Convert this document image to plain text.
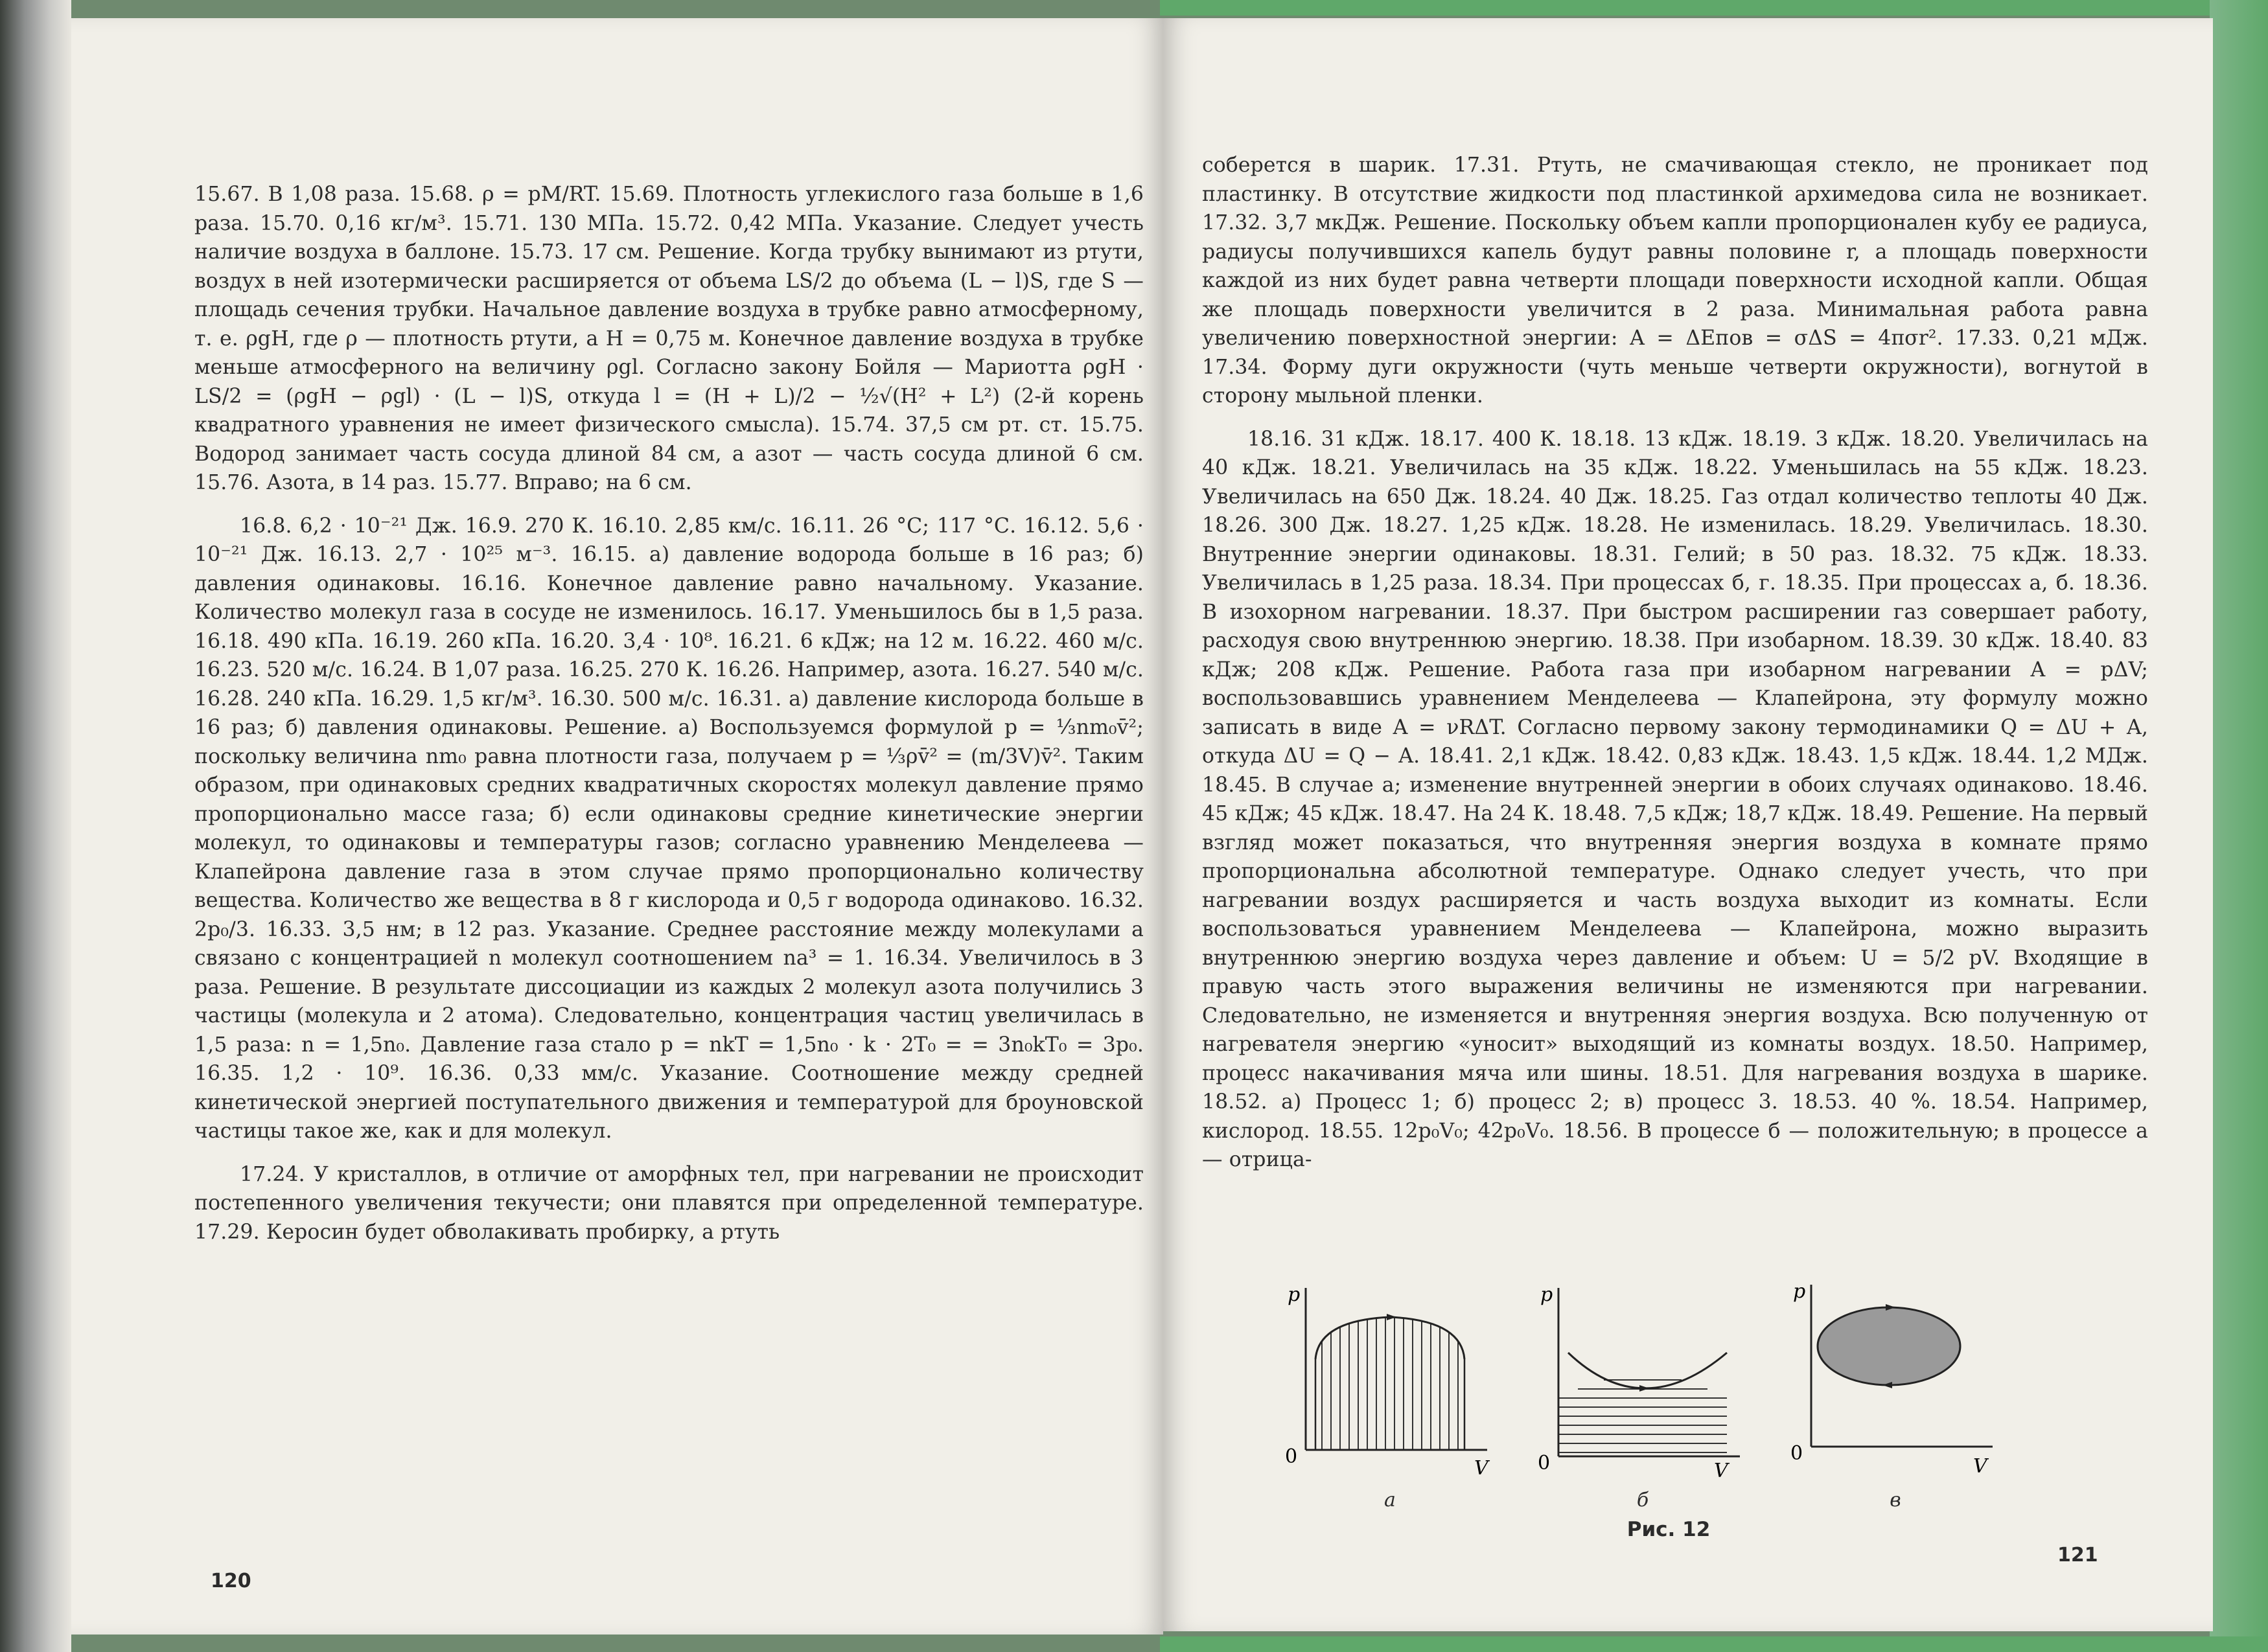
15.67. В 1,08 раза. 15.68. ρ = pM/RT. 15.69. Плотность углекислого газа больше в 1,6 раза. 15.70. 0,16 кг/м³. 15.71. 130 МПа. 15.72. 0,42 МПа. Указание. Следует учесть наличие воздуха в баллоне. 15.73. 17 см. Решение. Когда трубку вынимают из ртути, воздух в ней изотермически расширяется от объема LS/2 до объема (L − l)S, где S — площадь сечения трубки. Начальное давление воздуха в трубке равно атмосферному, т. е. ρgH, где ρ — плотность ртути, а H = 0,75 м. Конечное давление воздуха в трубке меньше атмосферного на величину ρgl. Согласно закону Бойля — Мариотта ρgH · LS/2 = (ρgH − ρgl) · (L − l)S, откуда l = (H + L)/2 − ½√(H² + L²) (2-й корень квадратного уравнения не имеет физического смысла). 15.74. 37,5 см рт. ст. 15.75. Водород занимает часть сосуда длиной 84 см, а азот — часть сосуда длиной 6 см. 15.76. Азота, в 14 раз. 15.77. Вправо; на 6 см.

16.8. 6,2 · 10⁻²¹ Дж. 16.9. 270 К. 16.10. 2,85 км/с. 16.11. 26 °С; 117 °С. 16.12. 5,6 · 10⁻²¹ Дж. 16.13. 2,7 · 10²⁵ м⁻³. 16.15. а) давление водорода больше в 16 раз; б) давления одинаковы. 16.16. Конечное давление равно начальному. Указание. Количество молекул газа в сосуде не изменилось. 16.17. Уменьшилось бы в 1,5 раза. 16.18. 490 кПа. 16.19. 260 кПа. 16.20. 3,4 · 10⁸. 16.21. 6 кДж; на 12 м. 16.22. 460 м/с. 16.23. 520 м/с. 16.24. В 1,07 раза. 16.25. 270 К. 16.26. Например, азота. 16.27. 540 м/с. 16.28. 240 кПа. 16.29. 1,5 кг/м³. 16.30. 500 м/с. 16.31. а) давление кислорода больше в 16 раз; б) давления одинаковы. Решение. а) Воспользуемся формулой p = ⅓nm₀v̄²; поскольку величина nm₀ равна плотности газа, получаем p = ⅓ρv̄² = (m/3V)v̄². Таким образом, при одинаковых средних квадратичных скоростях молекул давление прямо пропорционально массе газа; б) если одинаковы средние кинетические энергии молекул, то одинаковы и температуры газов; согласно уравнению Менделеева — Клапейрона давление газа в этом случае прямо пропорционально количеству вещества. Количество же вещества в 8 г кислорода и 0,5 г водорода одинаково. 16.32. 2p₀/3. 16.33. 3,5 нм; в 12 раз. Указание. Среднее расстояние между молекулами a связано с концентрацией n молекул соотношением na³ = 1. 16.34. Увеличилось в 3 раза. Решение. В результате диссоциации из каждых 2 молекул азота получились 3 частицы (молекула и 2 атома). Следовательно, концентрация частиц увеличилась в 1,5 раза: n = 1,5n₀. Давление газа стало p = nkT = 1,5n₀ · k · 2T₀ = = 3n₀kT₀ = 3p₀. 16.35. 1,2 · 10⁹. 16.36. 0,33 мм/с. Указание. Соотношение между средней кинетической энергией поступательного движения и температурой для броуновской частицы такое же, как и для молекул.

17.24. У кристаллов, в отличие от аморфных тел, при нагревании не происходит постепенного увеличения текучести; они плавятся при определенной температуре. 17.29. Керосин будет обволакивать пробирку, а ртуть

120

соберется в шарик. 17.31. Ртуть, не смачивающая стекло, не проникает под пластинку. В отсутствие жидкости под пластинкой архимедова сила не возникает. 17.32. 3,7 мкДж. Решение. Поскольку объем капли пропорционален кубу ее радиуса, радиусы получившихся капель будут равны половине r, а площадь поверхности каждой из них будет равна четверти площади поверхности исходной капли. Общая же площадь поверхности увеличится в 2 раза. Минимальная работа равна увеличению поверхностной энергии: A = ΔEпов = σΔS = 4πσr². 17.33. 0,21 мДж. 17.34. Форму дуги окружности (чуть меньше четверти окружности), вогнутой в сторону мыльной пленки.

18.16. 31 кДж. 18.17. 400 К. 18.18. 13 кДж. 18.19. 3 кДж. 18.20. Увеличилась на 40 кДж. 18.21. Увеличилась на 35 кДж. 18.22. Уменьшилась на 55 кДж. 18.23. Увеличилась на 650 Дж. 18.24. 40 Дж. 18.25. Газ отдал количество теплоты 40 Дж. 18.26. 300 Дж. 18.27. 1,25 кДж. 18.28. Не изменилась. 18.29. Увеличилась. 18.30. Внутренние энергии одинаковы. 18.31. Гелий; в 50 раз. 18.32. 75 кДж. 18.33. Увеличилась в 1,25 раза. 18.34. При процессах б, г. 18.35. При процессах а, б. 18.36. В изохорном нагревании. 18.37. При быстром расширении газ совершает работу, расходуя свою внутреннюю энергию. 18.38. При изобарном. 18.39. 30 кДж. 18.40. 83 кДж; 208 кДж. Решение. Работа газа при изобарном нагревании A = pΔV; воспользовавшись уравнением Менделеева — Клапейрона, эту формулу можно записать в виде A = νRΔT. Согласно первому закону термодинамики Q = ΔU + A, откуда ΔU = Q − A. 18.41. 2,1 кДж. 18.42. 0,83 кДж. 18.43. 1,5 кДж. 18.44. 1,2 МДж. 18.45. В случае а; изменение внутренней энергии в обоих случаях одинаково. 18.46. 45 кДж; 45 кДж. 18.47. На 24 К. 18.48. 7,5 кДж; 18,7 кДж. 18.49. Решение. На первый взгляд может показаться, что внутренняя энергия воздуха в комнате прямо пропорциональна абсолютной температуре. Однако следует учесть, что при нагревании воздух расширяется и часть воздуха выходит из комнаты. Если воспользоваться уравнением Менделеева — Клапейрона, можно выразить внутреннюю энергию воздуха через давление и объем: U = 5/2 pV. Входящие в правую часть этого выражения величины не изменяются при нагревании. Следовательно, не изменяется и внутренняя энергия воздуха. Всю полученную от нагревателя энергию «уносит» выходящий из комнаты воздух. 18.50. Например, процесс накачивания мяча или шины. 18.51. Для нагревания воздуха в шарике. 18.52. а) Процесс 1; б) процесс 2; в) процесс 3. 18.53. 40 %. 18.54. Например, кислород. 18.55. 12p₀V₀; 42p₀V₀. 18.56. В процессе б — положительную; в процессе а — отрица-

p
V
0
а
p
V
0
б
p
V
0
в
Рис. 12
121
